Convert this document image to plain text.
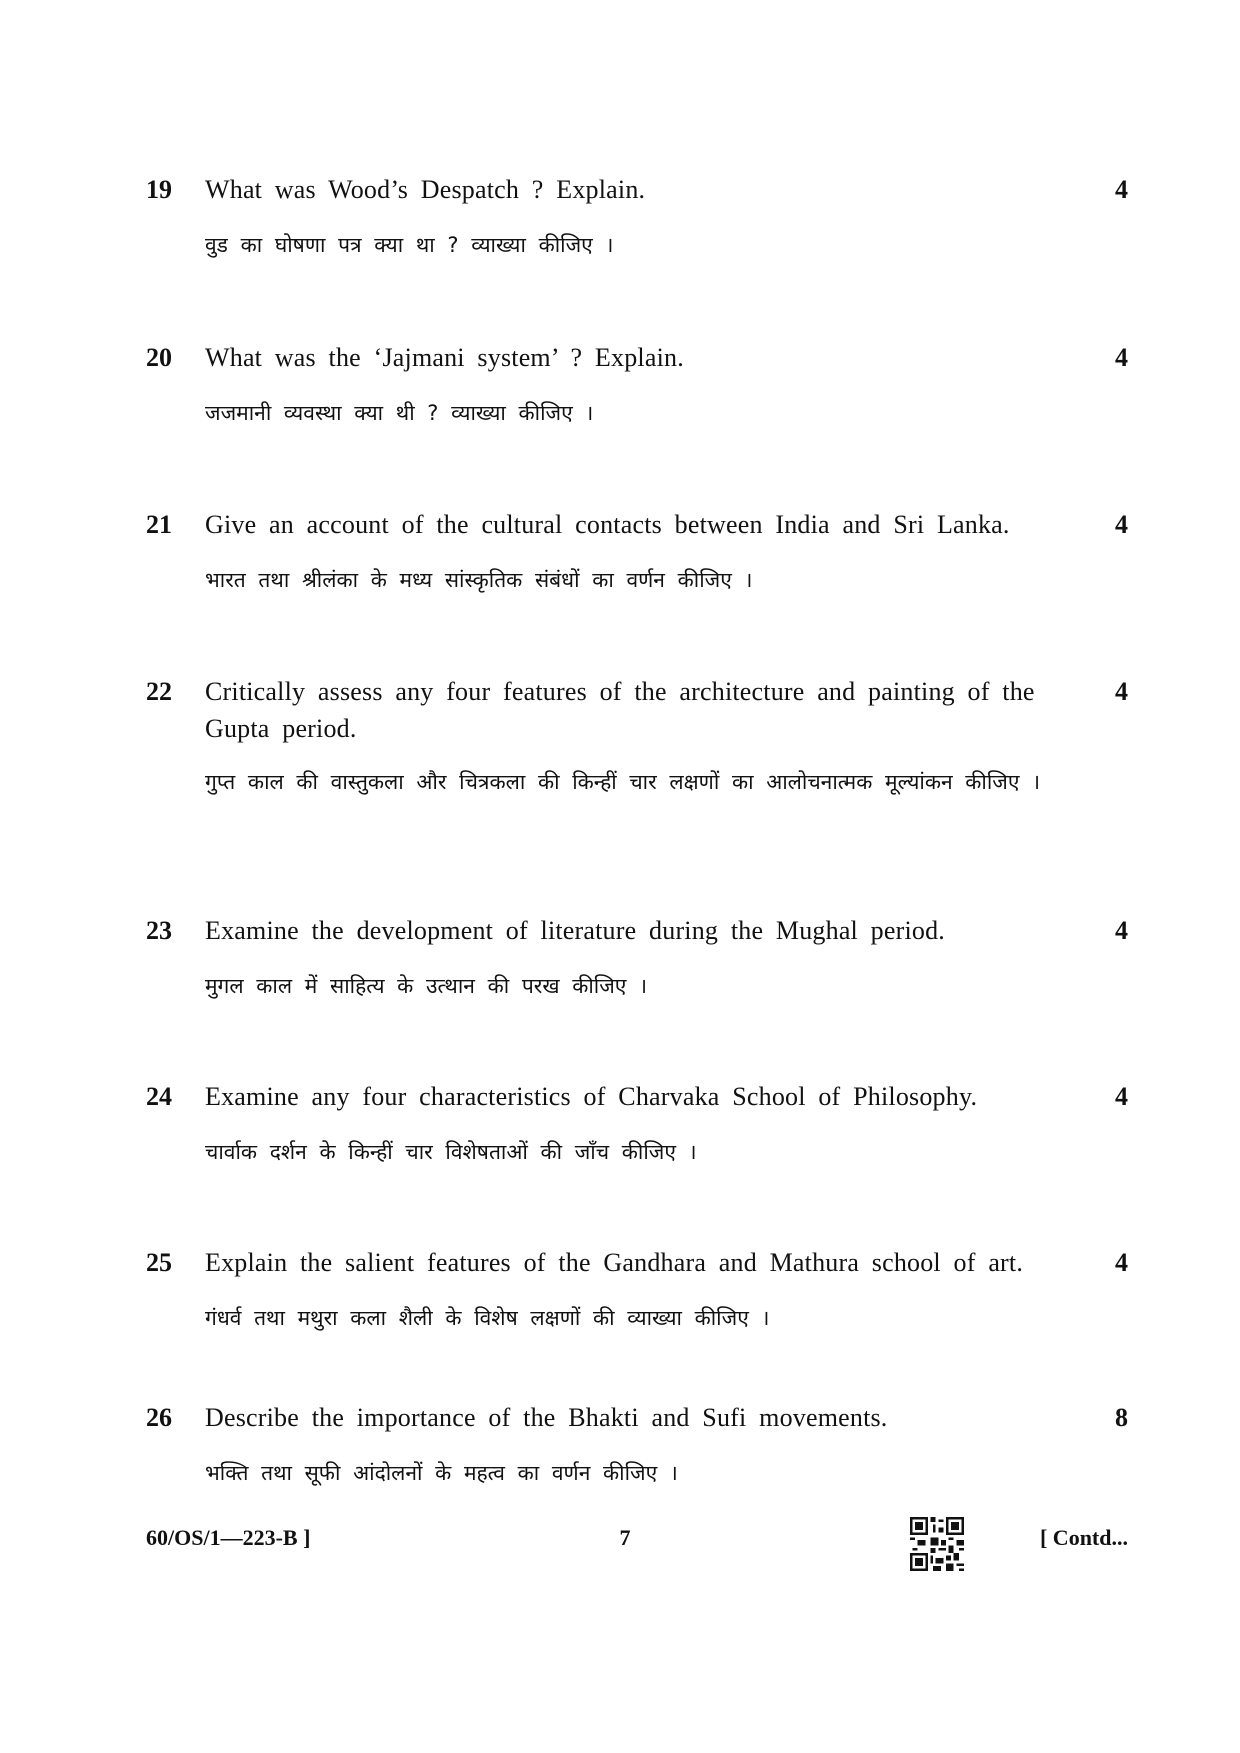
19 What was Wood’s Despatch ? Explain.	4
वुड का घोषणा पत्र क्या था ? व्याख्या कीजिए ।
20 What was the ‘Jajmani system’ ? Explain.	4
जजमानी व्यवस्था क्या थी ? व्याख्या कीजिए ।
21 Give an account of the cultural contacts between India and Sri Lanka.	4
भारत तथा श्रीलंका के मध्य सांस्कृतिक संबंधों का वर्णन कीजिए ।
22 Critically assess any four features of the architecture and painting of the Gupta period.
4
गुप्त काल की वास्तुकला और चित्रकला की किन्हीं चार लक्षणों का आलोचनात्मक मूल्यांकन कीजिए ।
23 Examine the development of literature during the Mughal period.	4
मुगल काल में साहित्य के उत्थान की परख कीजिए ।
24 Examine any four characteristics of Charvaka School of Philosophy.	4
चार्वाक दर्शन के किन्हीं चार विशेषताओं की जाँच कीजिए ।
25 Explain the salient features of the Gandhara and Mathura school of art.	4
गंधर्व तथा मथुरा कला शैली के विशेष लक्षणों की व्याख्या कीजिए ।
26 Describe the importance of the Bhakti and Sufi movements.	8
भक्ति तथा सूफी आंदोलनों के महत्व का वर्णन कीजिए ।
60/OS/1—223-B ]	7	[ Contd...
